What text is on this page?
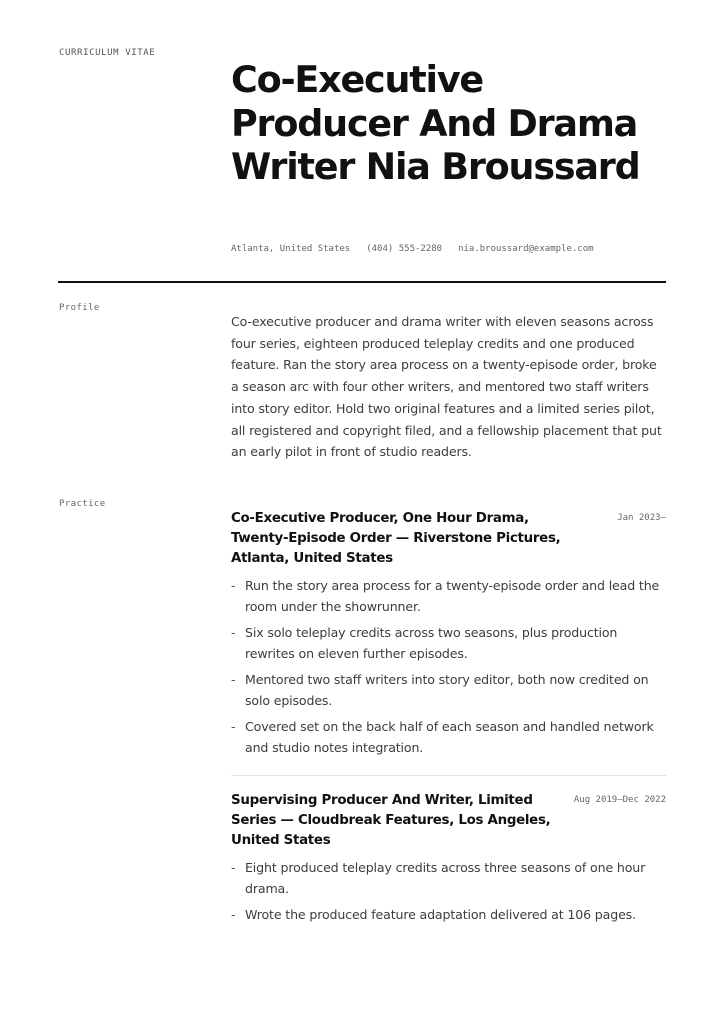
CURRICULUM VITAE
Co-Executive Producer And Drama Writer Nia Broussard
Atlanta, United States (404) 555-2280 nia.broussard@example.com
Profile

Co-executive producer and drama writer with eleven seasons across four series, eighteen produced teleplay credits and one produced feature. Ran the story area process on a twenty-episode order, broke a season arc with four other writers, and mentored two staff writers into story editor. Hold two original features and a limited series pilot, all registered and copyright filed, and a fellowship placement that put an early pilot in front of studio readers.

Practice
Co-Executive Producer, One Hour Drama, Twenty-Episode Order — Riverstone Pictures, Atlanta, United States
Jan 2023–
- Run the story area process for a twenty-episode order and lead the room under the showrunner.
- Six solo teleplay credits across two seasons, plus production rewrites on eleven further episodes.
- Mentored two staff writers into story editor, both now credited on solo episodes.
- Covered set on the back half of each season and handled network and studio notes integration.
Supervising Producer And Writer, Limited Series — Cloudbreak Features, Los Angeles, United States
Aug 2019–Dec 2022
- Eight produced teleplay credits across three seasons of one hour drama.
- Wrote the produced feature adaptation delivered at 106 pages.
